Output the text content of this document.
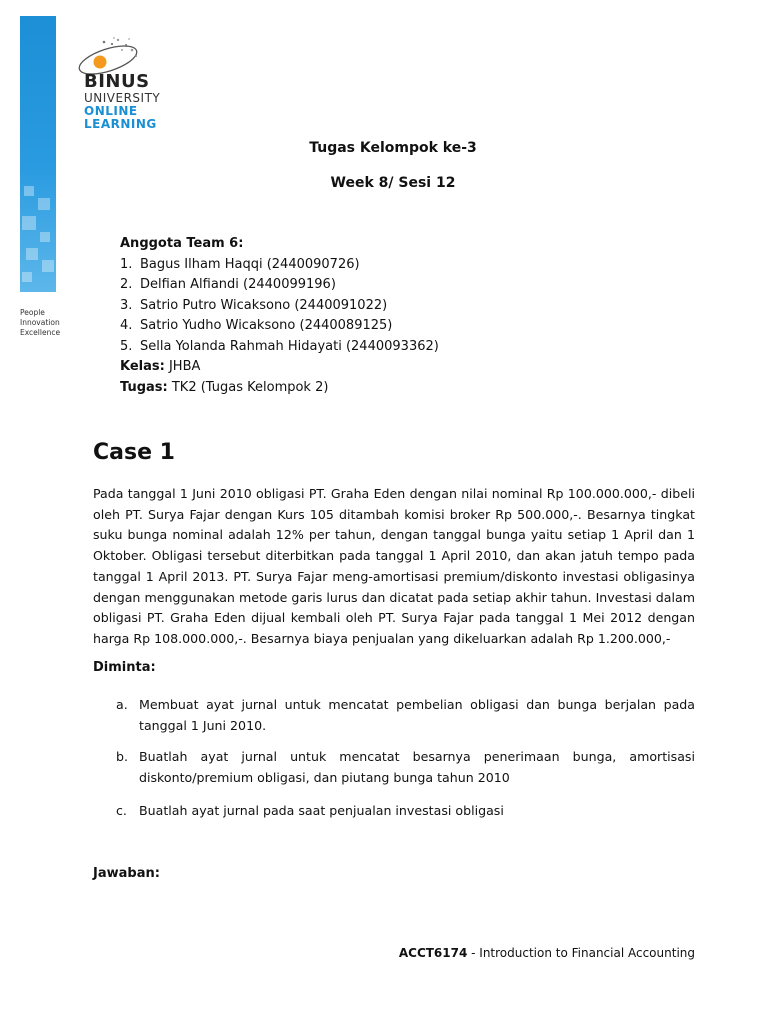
People
Innovation
Excellence
BINUS
UNIVERSITY
ONLINE
LEARNING
Tugas Kelompok ke-3
Week 8/ Sesi 12
Anggota Team 6:
1. Bagus Ilham Haqqi (2440090726)
2. Delfian Alfiandi (2440099196)
3. Satrio Putro Wicaksono (2440091022)
4. Satrio Yudho Wicaksono (2440089125)
5. Sella Yolanda Rahmah Hidayati (2440093362)
Kelas: JHBA
Tugas: TK2 (Tugas Kelompok 2)
Case 1
Pada tanggal 1 Juni 2010 obligasi PT. Graha Eden dengan nilai nominal Rp 100.000.000,- dibeli oleh PT. Surya Fajar dengan Kurs 105 ditambah komisi broker Rp 500.000,-. Besarnya tingkat suku bunga nominal adalah 12% per tahun, dengan tanggal bunga yaitu setiap 1 April dan 1 Oktober. Obligasi tersebut diterbitkan pada tanggal 1 April 2010, dan akan jatuh tempo pada tanggal 1 April 2013. PT. Surya Fajar meng-amortisasi premium/diskonto investasi obligasinya dengan menggunakan metode garis lurus dan dicatat pada setiap akhir tahun. Investasi dalam obligasi PT. Graha Eden dijual kembali oleh PT. Surya Fajar pada tanggal 1 Mei 2012 dengan harga Rp 108.000.000,-. Besarnya biaya penjualan yang dikeluarkan adalah Rp 1.200.000,-
Diminta:
a. Membuat ayat jurnal untuk mencatat pembelian obligasi dan bunga berjalan pada tanggal 1 Juni 2010.
b. Buatlah ayat jurnal untuk mencatat besarnya penerimaan bunga, amortisasi diskonto/premium obligasi, dan piutang bunga tahun 2010
c. Buatlah ayat jurnal pada saat penjualan investasi obligasi
Jawaban:
ACCT6174 - Introduction to Financial Accounting
